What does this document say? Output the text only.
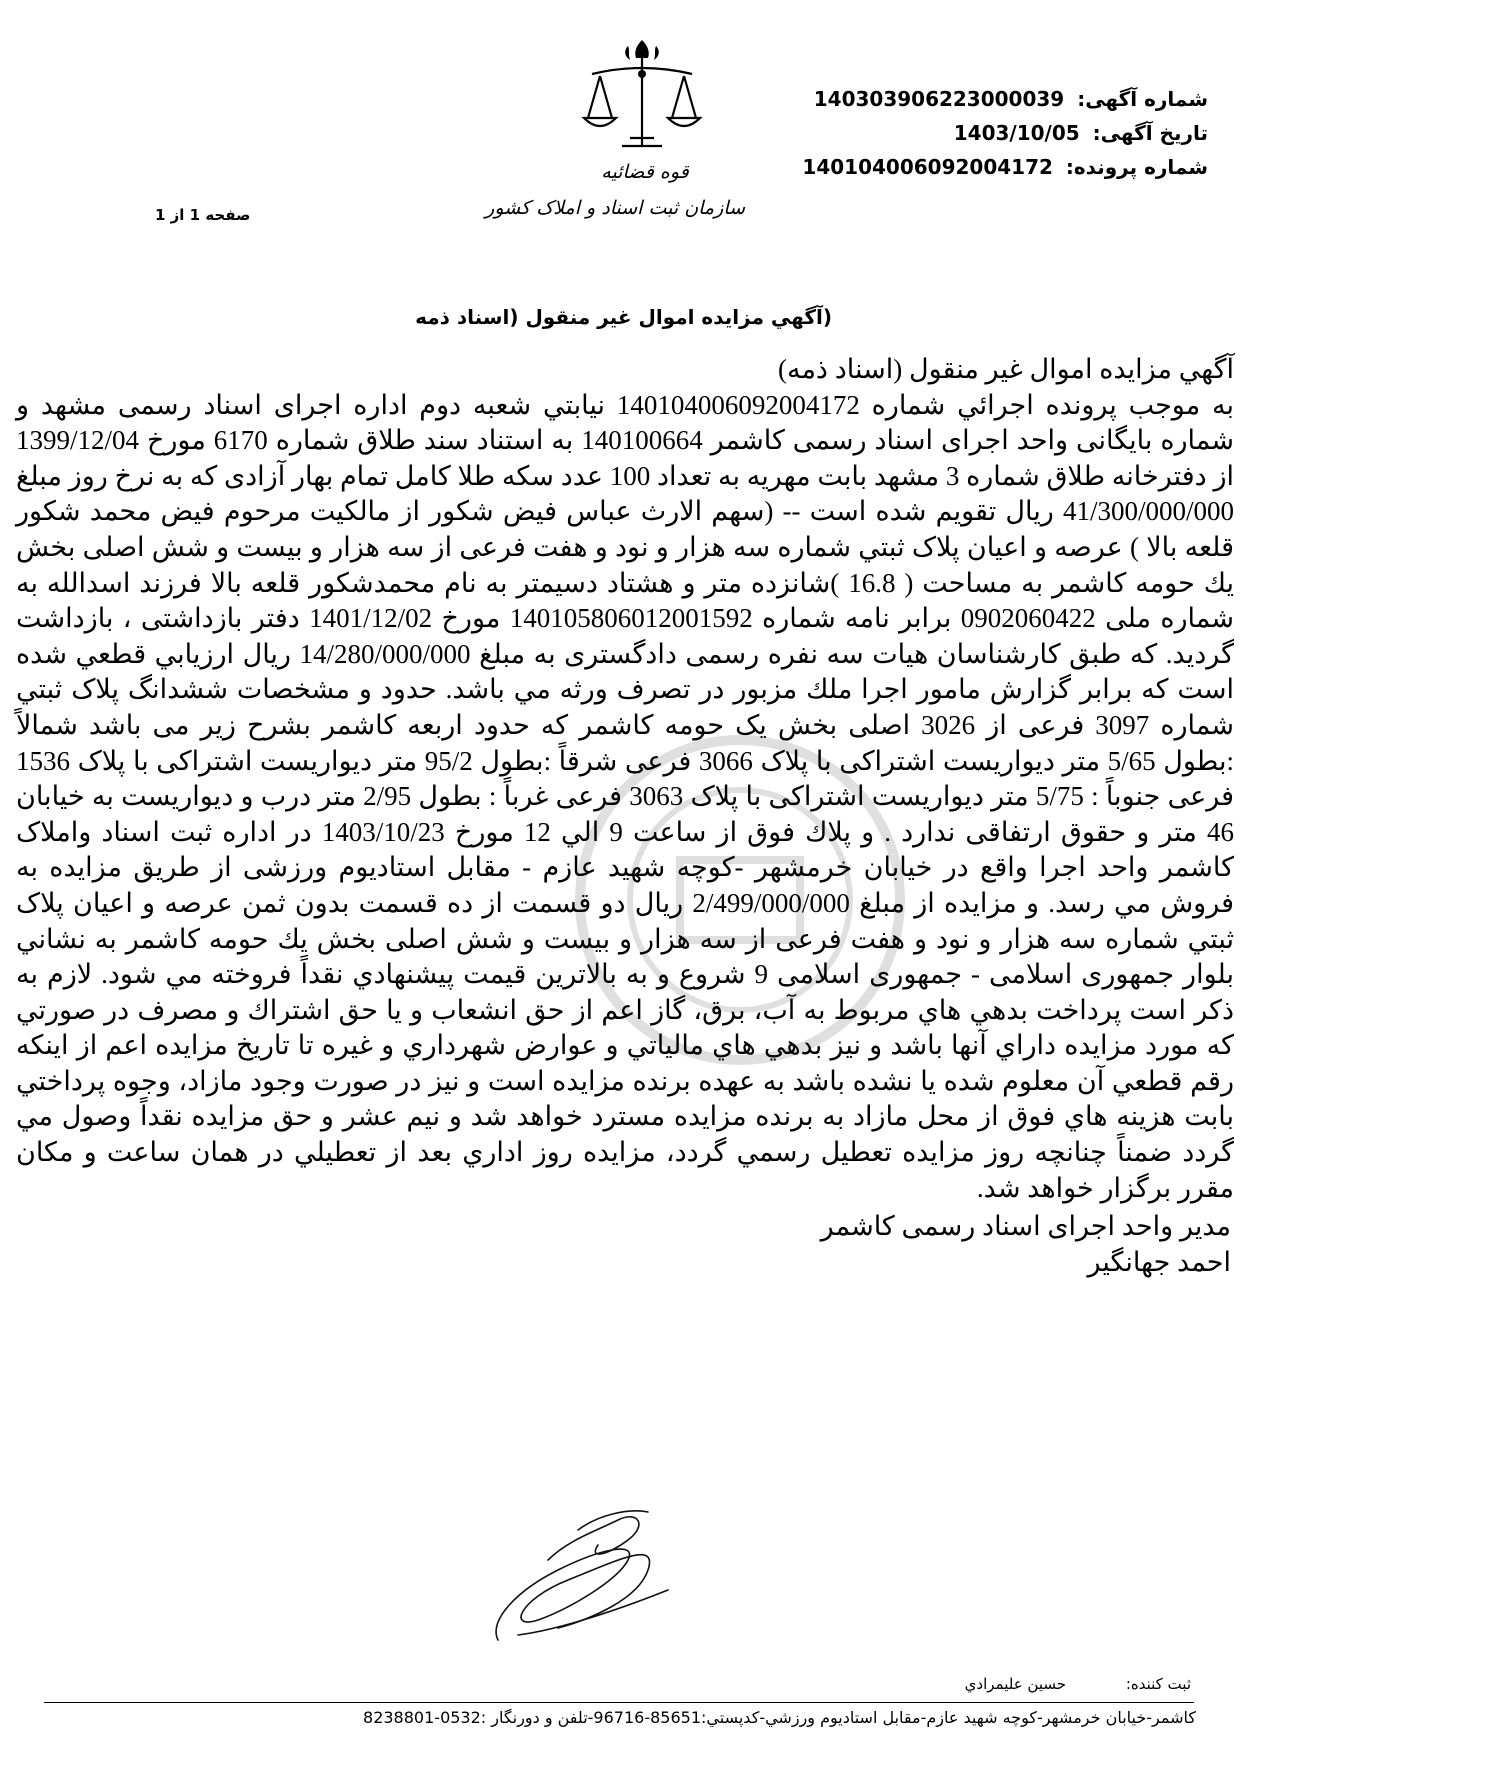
شماره آگهی: 140303906223000039
تاریخ آگهی: 1403/10/05
شماره پرونده: 140104006092004172
قوه قضائیه
سازمان ثبت اسناد و املاک کشور
صفحه 1 از 1
(آگهي مزايده اموال غير منقول (اسناد ذمه

آگهي مزايده اموال غير منقول (اسناد ذمه)

به موجب پرونده اجرائي شماره 140104006092004172 نيابتي شعبه دوم اداره اجرای اسناد رسمی مشهد و شماره بایگانی واحد اجرای اسناد رسمی کاشمر 140100664 به استناد سند طلاق شماره 6170 مورخ 1399/12/04 از دفترخانه طلاق شماره 3 مشهد بابت مهریه به تعداد 100 عدد سکه طلا کامل تمام بهار آزادی که به نرخ روز مبلغ 41/300/000/000 ریال تقویم شده است -- (سهم الارث عباس فيض شكور از مالکیت مرحوم فیض محمد شكور قلعه بالا ) عرصه و اعيان پلاک ثبتي شماره سه هزار و نود و هفت فرعی از سه هزار و بیست و شش اصلی بخش يك حومه کاشمر به مساحت ( 16.8 )شانزده متر و هشتاد دسیمتر به نام محمدشکور قلعه بالا فرزند اسدالله به شماره ملی 0902060422 برابر نامه شماره 140105806012001592 مورخ 1401/12/02 دفتر بازداشتی ، بازداشت گرديد. كه طبق كارشناسان هيات سه نفره رسمی دادگستری به مبلغ 14/280/000/000 ريال ارزيابي قطعي شده است كه برابر گزارش مامور اجرا ملك مزبور در تصرف ورثه مي باشد. حدود و مشخصات ششدانگ پلاک ثبتي شماره 3097 فرعی از 3026 اصلی بخش یک حومه کاشمر که حدود اربعه کاشمر بشرح زیر می باشد شمالاً :بطول 5/65 متر ديواريست اشتراکی با پلاک 3066 فرعی شرقاً :بطول 95/2 متر ديواريست اشتراکی با پلاک 1536 فرعی جنوباً : 5/75 متر ديواريست اشتراکی با پلاک 3063 فرعی غرباً : بطول 2/95 متر درب و ديواريست به خیابان 46 متر و حقوق ارتفاقی ندارد . و پلاك فوق از ساعت 9 الي 12 مورخ 1403/10/23 در اداره ثبت اسناد واملاک کاشمر واحد اجرا واقع در خیابان خرمشهر -کوچه شهيد عازم - مقابل استاديوم ورزشی از طريق مزايده به فروش مي رسد. و مزايده از مبلغ 2/499/000/000 ريال دو قسمت از ده قسمت بدون ثمن عرصه و اعيان پلاک ثبتي شماره سه هزار و نود و هفت فرعی از سه هزار و بیست و شش اصلی بخش يك حومه کاشمر به نشاني بلوار جمهوری اسلامی - جمهوری اسلامی 9 شروع و به بالاترين قيمت پيشنهادي نقداً فروخته مي شود. لازم به ذكر است پرداخت بدهي هاي مربوط به آب، برق، گاز اعم از حق انشعاب و يا حق اشتراك و مصرف در صورتي كه مورد مزايده داراي آنها باشد و نيز بدهي هاي مالياتي و عوارض شهرداري و غيره تا تاريخ مزايده اعم از اينكه رقم قطعي آن معلوم شده يا نشده باشد به عهده برنده مزايده است و نيز در صورت وجود مازاد، وجوه پرداختي بابت هزينه هاي فوق از محل مازاد به برنده مزايده مسترد خواهد شد و نيم عشر و حق مزايده نقداً وصول مي گردد ضمناً چنانچه روز مزايده تعطيل رسمي گردد، مزايده روز اداري بعد از تعطيلي در همان ساعت و مكان مقرر برگزار خواهد شد.

مدیر واحد اجرای اسناد رسمی کاشمر
احمد جهانگير
ثبت کننده: حسين عليمرادي
کاشمر-خيابان خرمشهر-کوچه شهيد عازم-مقابل استاديوم ورزشي-کدپستي:85651-96716-تلفن و دورنگار :0532-8238801
